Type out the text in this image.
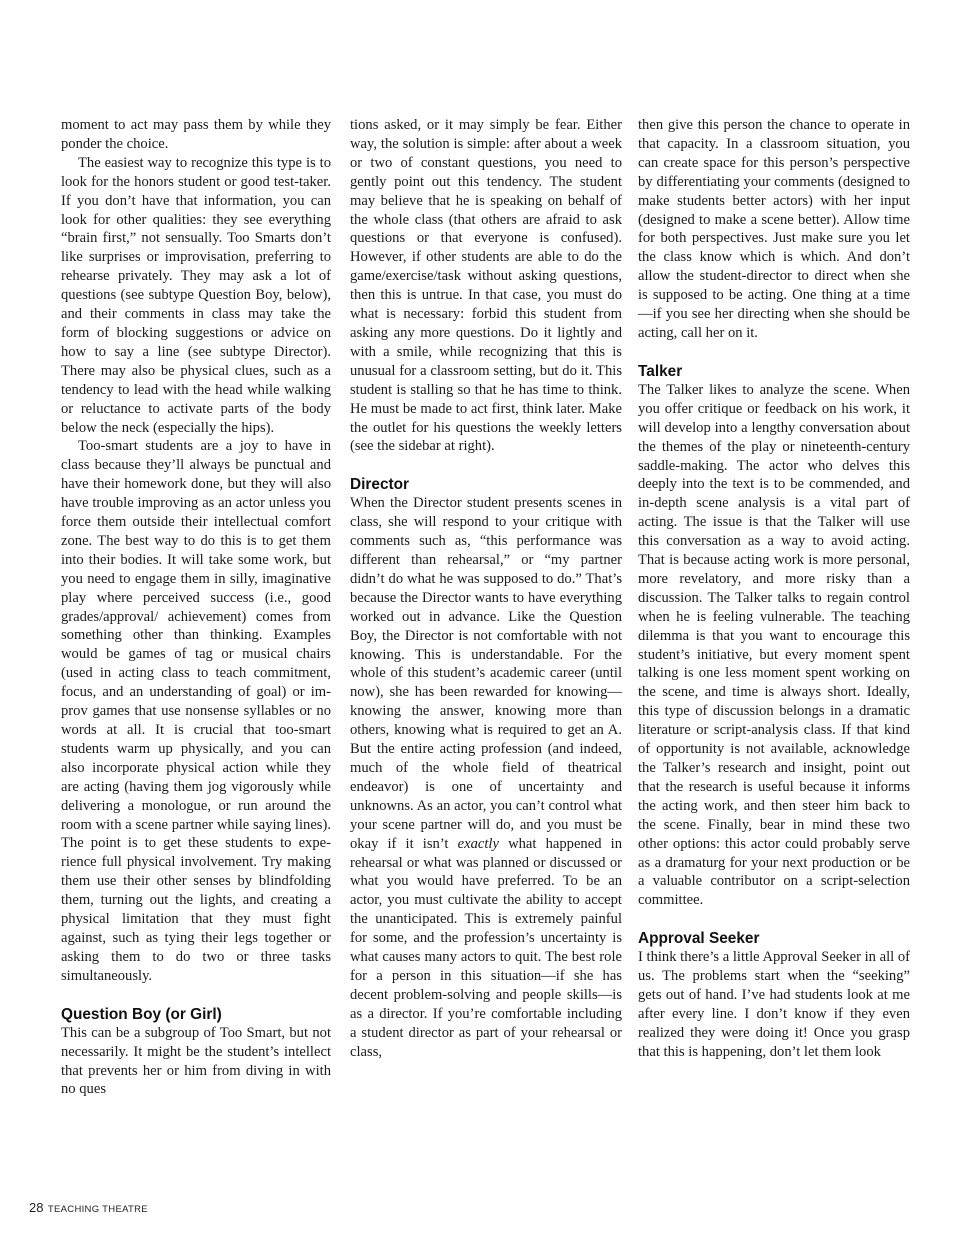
moment to act may pass them by while they ponder the choice.

The easiest way to recognize this type is to look for the honors student or good test-taker. If you don’t have that information, you can look for other qualities: they see everything “brain first,” not sensually. Too Smarts don’t like surprises or improvisation, preferring to rehearse privately. They may ask a lot of questions (see subtype Question Boy, below), and their comments in class may take the form of blocking suggestions or advice on how to say a line (see subtype Director). There may also be physical clues, such as a tendency to lead with the head while walking or reluctance to activate parts of the body below the neck (especially the hips).

Too-smart students are a joy to have in class because they’ll always be punctual and have their homework done, but they will also have trouble improving as an actor unless you force them outside their intellectual comfort zone. The best way to do this is to get them into their bodies. It will take some work, but you need to engage them in silly, imaginative play where perceived success (i.e., good grades/approval/ achievement) comes from something other than thinking. Examples would be games of tag or musical chairs (used in acting class to teach commitment, focus, and an understanding of goal) or improv games that use nonsense syllables or no words at all. It is crucial that too-smart students warm up physically, and you can also incorporate physical action while they are acting (having them jog vigorously while delivering a monologue, or run around the room with a scene partner while saying lines). The point is to get these students to experience full physical involvement. Try making them use their other senses by blindfolding them, turning out the lights, and creating a physical limitation that they must fight against, such as tying their legs together or asking them to do two or three tasks simultaneously.

Question Boy (or Girl)

This can be a subgroup of Too Smart, but not necessarily. It might be the student’s intellect that prevents her or him from diving in with no ques

tions asked, or it may simply be fear. Either way, the solution is simple: after about a week or two of constant questions, you need to gently point out this tendency. The student may believe that he is speaking on behalf of the whole class (that others are afraid to ask questions or that everyone is confused). However, if other students are able to do the game/exercise/task without asking questions, then this is untrue. In that case, you must do what is necessary: forbid this student from asking any more questions. Do it lightly and with a smile, while recognizing that this is unusual for a classroom setting, but do it. This student is stalling so that he has time to think. He must be made to act first, think later. Make the outlet for his questions the weekly letters (see the sidebar at right).

Director

When the Director student presents scenes in class, she will respond to your critique with comments such as, “this performance was different than rehearsal,” or “my partner didn’t do what he was supposed to do.” That’s because the Director wants to have everything worked out in advance. Like the Question Boy, the Director is not comfortable with not knowing. This is understandable. For the whole of this student’s academic career (until now), she has been rewarded for knowing—knowing the answer, knowing more than others, knowing what is required to get an A. But the entire acting profession (and indeed, much of the whole field of theatrical endeavor) is one of uncertainty and unknowns. As an actor, you can’t control what your scene partner will do, and you must be okay if it isn’t exactly what happened in rehearsal or what was planned or discussed or what you would have preferred. To be an actor, you must cultivate the ability to accept the unanticipated. This is extremely painful for some, and the profession’s uncertainty is what causes many actors to quit. The best role for a person in this situation—if she has decent problem-solving and people skills—is as a director. If you’re comfortable including a student director as part of your rehearsal or class,

then give this person the chance to operate in that capacity. In a classroom situation, you can create space for this person’s perspective by differentiating your comments (designed to make students better actors) with her input (designed to make a scene better). Allow time for both perspectives. Just make sure you let the class know which is which. And don’t allow the student-director to direct when she is supposed to be acting. One thing at a time—if you see her directing when she should be acting, call her on it.

Talker

The Talker likes to analyze the scene. When you offer critique or feedback on his work, it will develop into a lengthy conversation about the themes of the play or nineteenth-century saddle-making. The actor who delves this deeply into the text is to be commended, and in-depth scene analysis is a vital part of acting. The issue is that the Talker will use this conversation as a way to avoid acting. That is because acting work is more personal, more revelatory, and more risky than a discussion. The Talker talks to regain control when he is feeling vulnerable. The teaching dilemma is that you want to encourage this student’s initiative, but every moment spent talking is one less moment spent working on the scene, and time is always short. Ideally, this type of discussion belongs in a dramatic literature or script-analysis class. If that kind of opportunity is not available, acknowledge the Talker’s research and insight, point out that the research is useful because it informs the acting work, and then steer him back to the scene. Finally, bear in mind these two other options: this actor could probably serve as a dramaturg for your next production or be a valuable contributor on a script-selection committee.

Approval Seeker

I think there’s a little Approval Seeker in all of us. The problems start when the “seeking” gets out of hand. I’ve had students look at me after every line. I don’t know if they even realized they were doing it! Once you grasp that this is happening, don’t let them look

28 TEACHING THEATRE
